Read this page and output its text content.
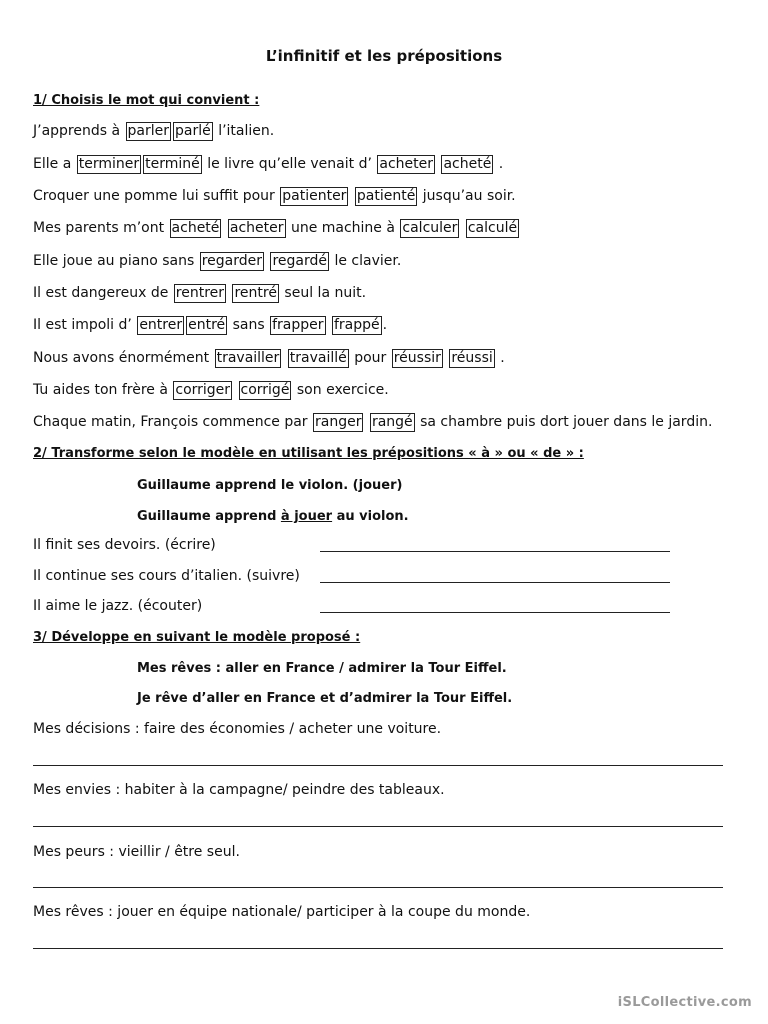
L’infinitif et les prépositions
1/ Choisis le mot qui convient :
J’apprends à parler parlé l’italien.
Elle a terminer terminé le livre qu’elle venait d’ acheter acheté .
Croquer une pomme lui suffit pour patienter patienté jusqu’au soir.
Mes parents m’ont acheté acheter une machine à calculer calculé
Elle joue au piano sans regarder regardé le clavier.
Il est dangereux de rentrer rentré seul la nuit.
Il est impoli d’ entrer entré sans frapper frappé .
Nous avons énormément travailler travaillé pour réussir réussi .
Tu aides ton frère à corriger corrigé son exercice.
Chaque matin, François commence par ranger rangé sa chambre puis dort jouer dans le jardin.
2/ Transforme selon le modèle en utilisant les prépositions « à » ou « de » :
Guillaume apprend le violon. (jouer)
Guillaume apprend à jouer au violon.
Il finit ses devoirs. (écrire)
Il continue ses cours d’italien. (suivre)
Il aime le jazz. (écouter)
3/ Développe en suivant le modèle proposé :
Mes rêves : aller en France / admirer la Tour Eiffel.
Je rêve d’aller en France et d’admirer la Tour Eiffel.
Mes décisions : faire des économies / acheter une voiture.
Mes envies : habiter à la campagne/ peindre des tableaux.
Mes peurs : vieillir / être seul.
Mes rêves : jouer en équipe nationale/ participer à la coupe du monde.
iSLCollective.com
